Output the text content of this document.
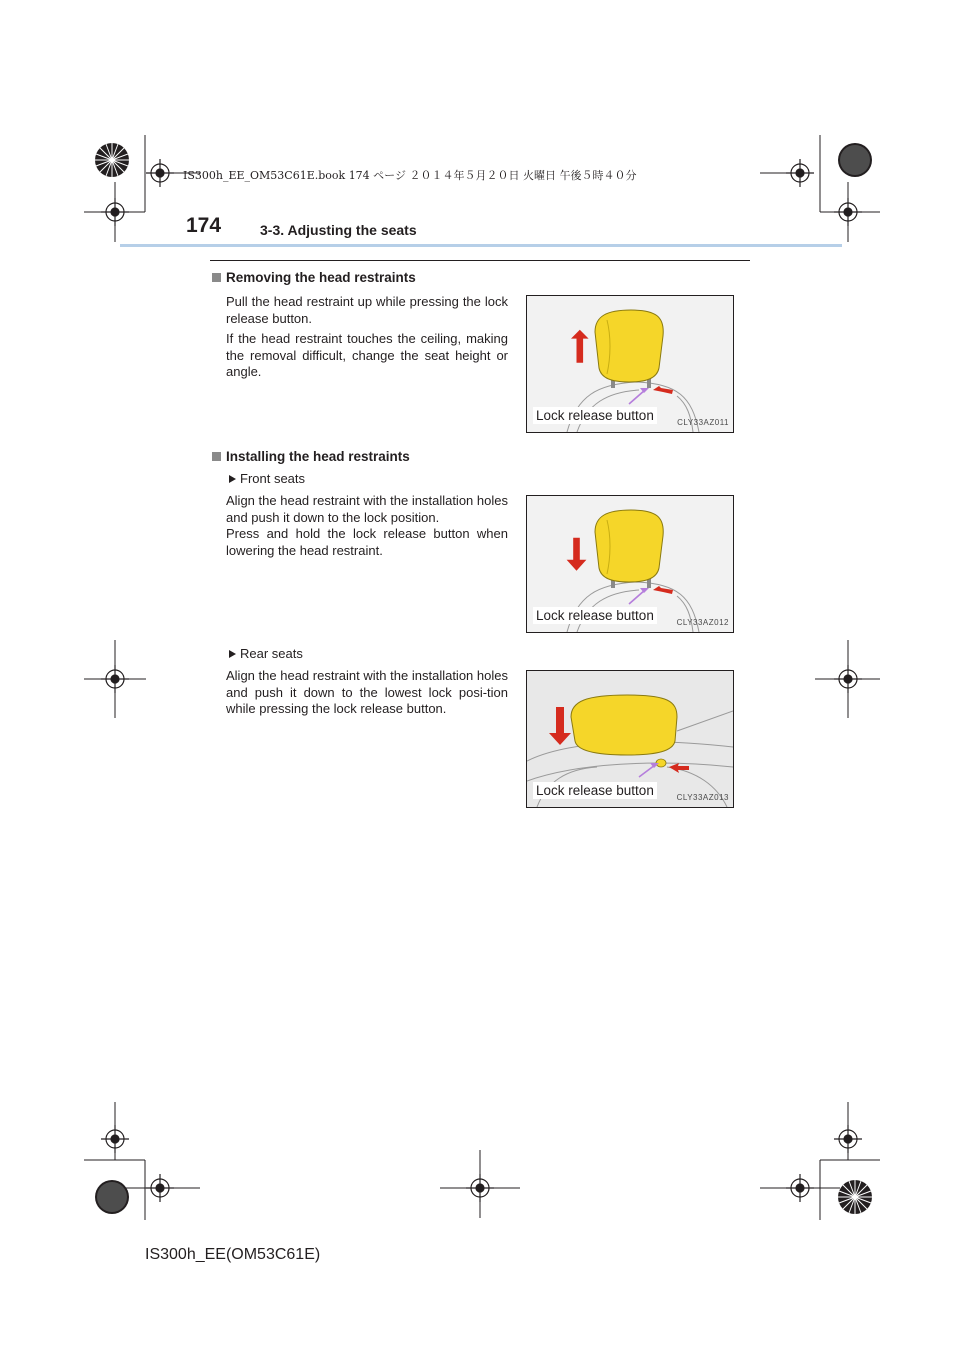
IS300h_EE_OM53C61E.book 174 ページ ２０１４年５月２０日 火曜日 午後５時４０分
174	3-3. Adjusting the seats
Removing the head restraints

Pull the head restraint up while pressing the lock release button.

If the head restraint touches the ceiling, making the removal difficult, change the seat height or angle.

Lock release button	CLY33AZ011
Installing the head restraints
Front seats

Align the head restraint with the installation holes and push it down to the lock position.

Press and hold the lock release button when lowering the head restraint.

Lock release button	CLY33AZ012
Rear seats

Align the head restraint with the installation holes and push it down to the lowest lock posi-tion while pressing the lock release button.

Lock release button	CLY33AZ013
IS300h_EE(OM53C61E)
